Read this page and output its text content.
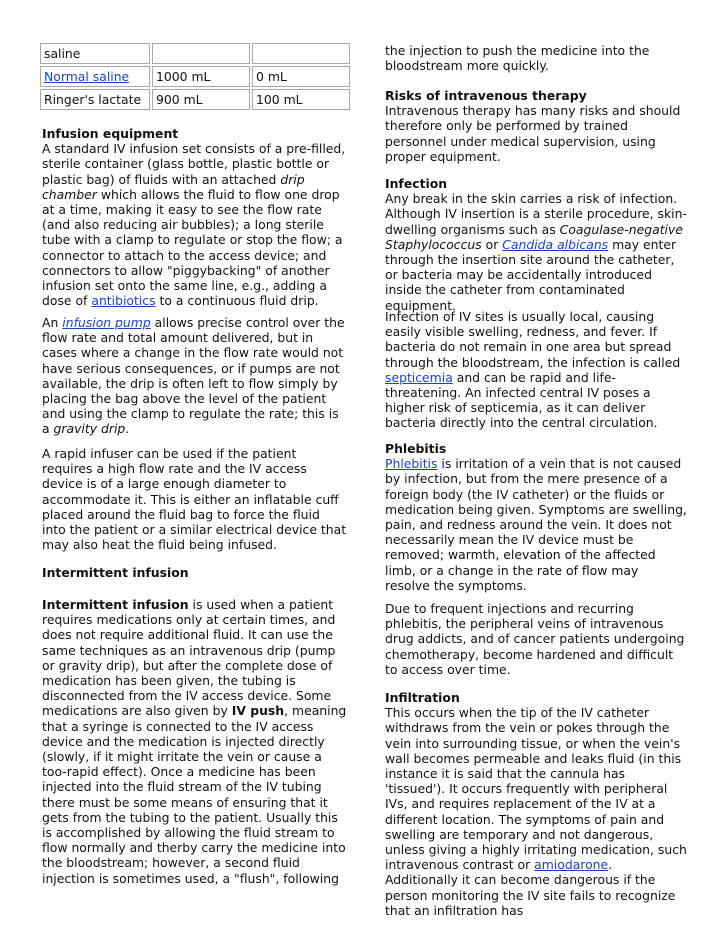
saline		
Normal saline	1000 mL	0 mL
Ringer's lactate	900 mL	100 mL

Infusion equipment

A standard IV infusion set consists of a pre-filled, sterile container (glass bottle, plastic bottle or plastic bag) of fluids with an attached drip chamber which allows the fluid to flow one drop at a time, making it easy to see the flow rate (and also reducing air bubbles); a long sterile tube with a clamp to regulate or stop the flow; a connector to attach to the access device; and connectors to allow "piggybacking" of another infusion set onto the same line, e.g., adding a dose of antibiotics to a continuous fluid drip.

An infusion pump allows precise control over the flow rate and total amount delivered, but in cases where a change in the flow rate would not have serious consequences, or if pumps are not available, the drip is often left to flow simply by placing the bag above the level of the patient and using the clamp to regulate the rate; this is a gravity drip.

A rapid infuser can be used if the patient requires a high flow rate and the IV access device is of a large enough diameter to accommodate it. This is either an inflatable cuff placed around the fluid bag to force the fluid into the patient or a similar electrical device that may also heat the fluid being infused.

Intermittent infusion

Intermittent infusion is used when a patient requires medications only at certain times, and does not require additional fluid. It can use the same techniques as an intravenous drip (pump or gravity drip), but after the complete dose of medication has been given, the tubing is disconnected from the IV access device. Some medications are also given by IV push, meaning that a syringe is connected to the IV access device and the medication is injected directly (slowly, if it might irritate the vein or cause a too-rapid effect). Once a medicine has been injected into the fluid stream of the IV tubing there must be some means of ensuring that it gets from the tubing to the patient. Usually this is accomplished by allowing the fluid stream to flow normally and therby carry the medicine into the bloodstream; however, a second fluid injection is sometimes used, a "flush", following

the injection to push the medicine into the bloodstream more quickly.

Risks of intravenous therapy

Intravenous therapy has many risks and should therefore only be performed by trained personnel under medical supervision, using proper equipment.

Infection

Any break in the skin carries a risk of infection. Although IV insertion is a sterile procedure, skin-dwelling organisms such as Coagulase-negative Staphylococcus or Candida albicans may enter through the insertion site around the catheter, or bacteria may be accidentally introduced inside the catheter from contaminated equipment.

Infection of IV sites is usually local, causing easily visible swelling, redness, and fever. If bacteria do not remain in one area but spread through the bloodstream, the infection is called septicemia and can be rapid and life-threatening. An infected central IV poses a higher risk of septicemia, as it can deliver bacteria directly into the central circulation.

Phlebitis

Phlebitis is irritation of a vein that is not caused by infection, but from the mere presence of a foreign body (the IV catheter) or the fluids or medication being given. Symptoms are swelling, pain, and redness around the vein. It does not necessarily mean the IV device must be removed; warmth, elevation of the affected limb, or a change in the rate of flow may resolve the symptoms.

Due to frequent injections and recurring phlebitis, the peripheral veins of intravenous drug addicts, and of cancer patients undergoing chemotherapy, become hardened and difficult to access over time.

Infiltration

This occurs when the tip of the IV catheter withdraws from the vein or pokes through the vein into surrounding tissue, or when the vein's wall becomes permeable and leaks fluid (in this instance it is said that the cannula has 'tissued'). It occurs frequently with peripheral IVs, and requires replacement of the IV at a different location. The symptoms of pain and swelling are temporary and not dangerous, unless giving a highly irritating medication, such intravenous contrast or amiodarone. Additionally it can become dangerous if the person monitoring the IV site fails to recognize that an infiltration has
